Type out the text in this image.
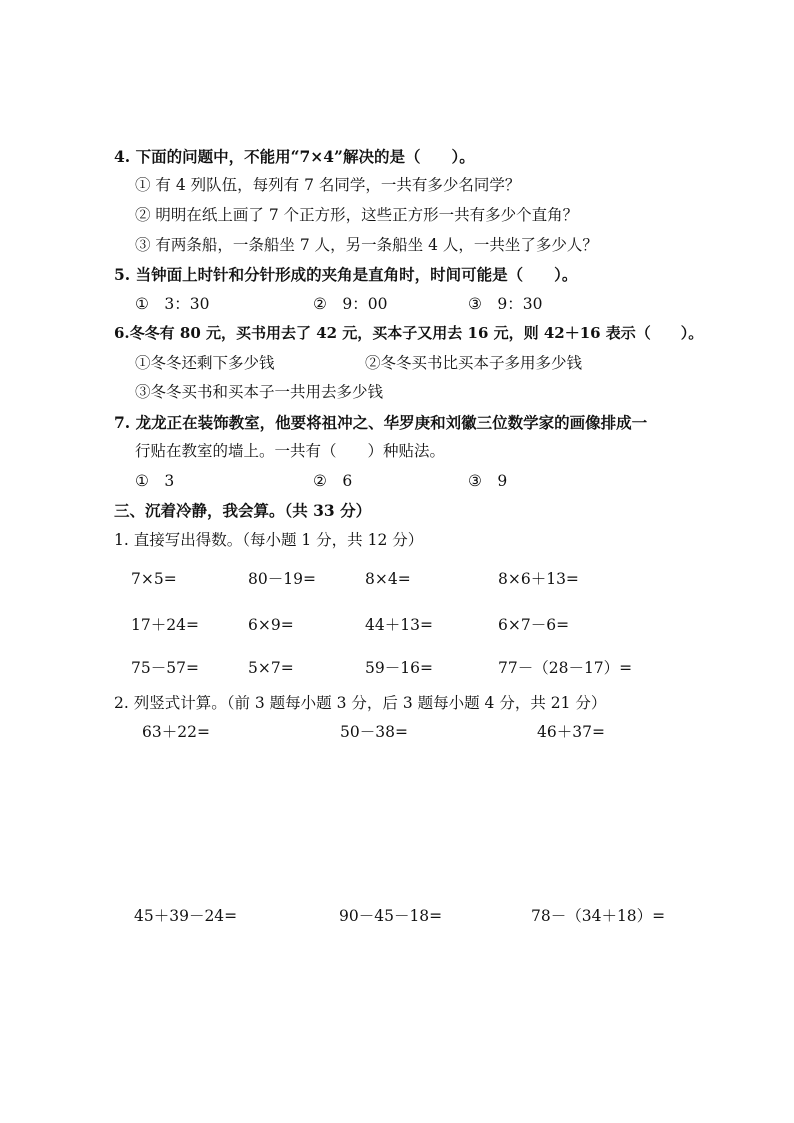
4. 下面的问题中，不能用“7×4”解决的是（　　）。
① 有 4 列队伍，每列有 7 名同学，一共有多少名同学？
② 明明在纸上画了 7 个正方形，这些正方形一共有多少个直角？
③ 有两条船，一条船坐 7 人，另一条船坐 4 人，一共坐了多少人？
5. 当钟面上时针和分针形成的夹角是直角时，时间可能是（　　）。
①　3：30	②　9：00	③　9：30
6.冬冬有 80 元，买书用去了 42 元，买本子又用去 16 元，则 42＋16 表示（　　）。
①冬冬还剩下多少钱	②冬冬买书比买本子多用多少钱
③冬冬买书和买本子一共用去多少钱
7. 龙龙正在装饰教室，他要将祖冲之、华罗庚和刘徽三位数学家的画像排成一
行贴在教室的墙上。一共有（　　）种贴法。
①　3	②　6	③　9
三、沉着冷静，我会算。（共 33 分）
1. 直接写出得数。（每小题 1 分，共 12 分）
7×5=	80－19=	8×4=	8×6＋13=
17＋24=	6×9=	44＋13=	6×7－6=
75－57=	5×7=	59－16=	77－（28－17）=
2. 列竖式计算。（前 3 题每小题 3 分，后 3 题每小题 4 分，共 21 分）
63＋22=	50－38=	46＋37=
45＋39－24=	90－45－18=	78－（34＋18）=
